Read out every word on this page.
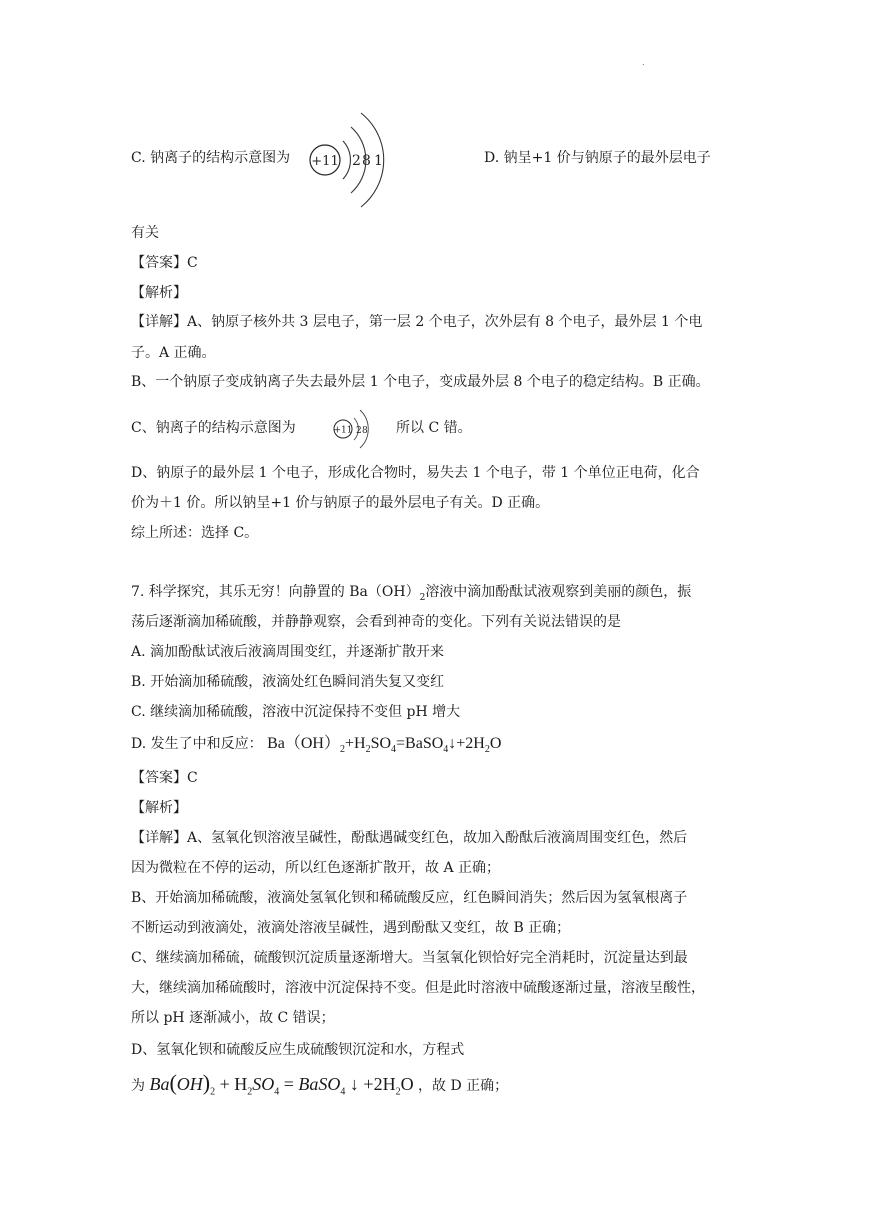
.
C. 钠离子的结构示意图为 +11 2 8 1	D. 钠呈+1 价与钠原子的最外层电子
有关
【答案】C
【解析】
【详解】A、钠原子核外共 3 层电子，第一层 2 个电子，次外层有 8 个电子，最外层 1 个电
子。A 正确。
B、一个钠原子变成钠离子失去最外层 1 个电子，变成最外层 8 个电子的稳定结构。B 正确。
C、钠离子的结构示意图为	+11 2 8 所以 C 错。
D、钠原子的最外层 1 个电子，形成化合物时，易失去 1 个电子，带 1 个单位正电荷，化合
价为＋1 价。所以钠呈+1 价与钠原子的最外层电子有关。D 正确。
综上所述：选择 C。
7. 科学探究，其乐无穷！向静置的 $Ba(OH)_2$溶液中滴加酚酞试液观察到美丽的颜色，振
荡后逐渐滴加稀硫酸，并静静观察，会看到神奇的变化。下列有关说法错误的是
A. 滴加酚酞试液后液滴周围变红，并逐渐扩散开来
B. 开始滴加稀硫酸，液滴处红色瞬间消失复又变红
C. 继续滴加稀硫酸，溶液中沉淀保持不变但 pH 增大
D. 发生了中和反应： $Ba(OH)_2+H_2SO_4=BaSO_4↓+2H_2O$
【答案】C
【解析】
【详解】A、氢氧化钡溶液呈碱性，酚酞遇碱变红色，故加入酚酞后液滴周围变红色，然后
因为微粒在不停的运动，所以红色逐渐扩散开，故 A 正确；
B、开始滴加稀硫酸，液滴处氢氧化钡和稀硫酸反应，红色瞬间消失；然后因为氢氧根离子
不断运动到液滴处，液滴处溶液呈碱性，遇到酚酞又变红，故 B 正确；
C、继续滴加稀硫，硫酸钡沉淀质量逐渐增大。当氢氧化钡恰好完全消耗时，沉淀量达到最
大，继续滴加稀硫酸时，溶液中沉淀保持不变。但是此时溶液中硫酸逐渐过量，溶液呈酸性，
所以 pH 逐渐减小，故 C 错误；
D、氢氧化钡和硫酸反应生成硫酸钡沉淀和水，方程式
为 $Ba(OH)_2 + H_2SO_4$ = BaSO$_4$ ↓ $+2H_2O$ ，故 D 正确；
